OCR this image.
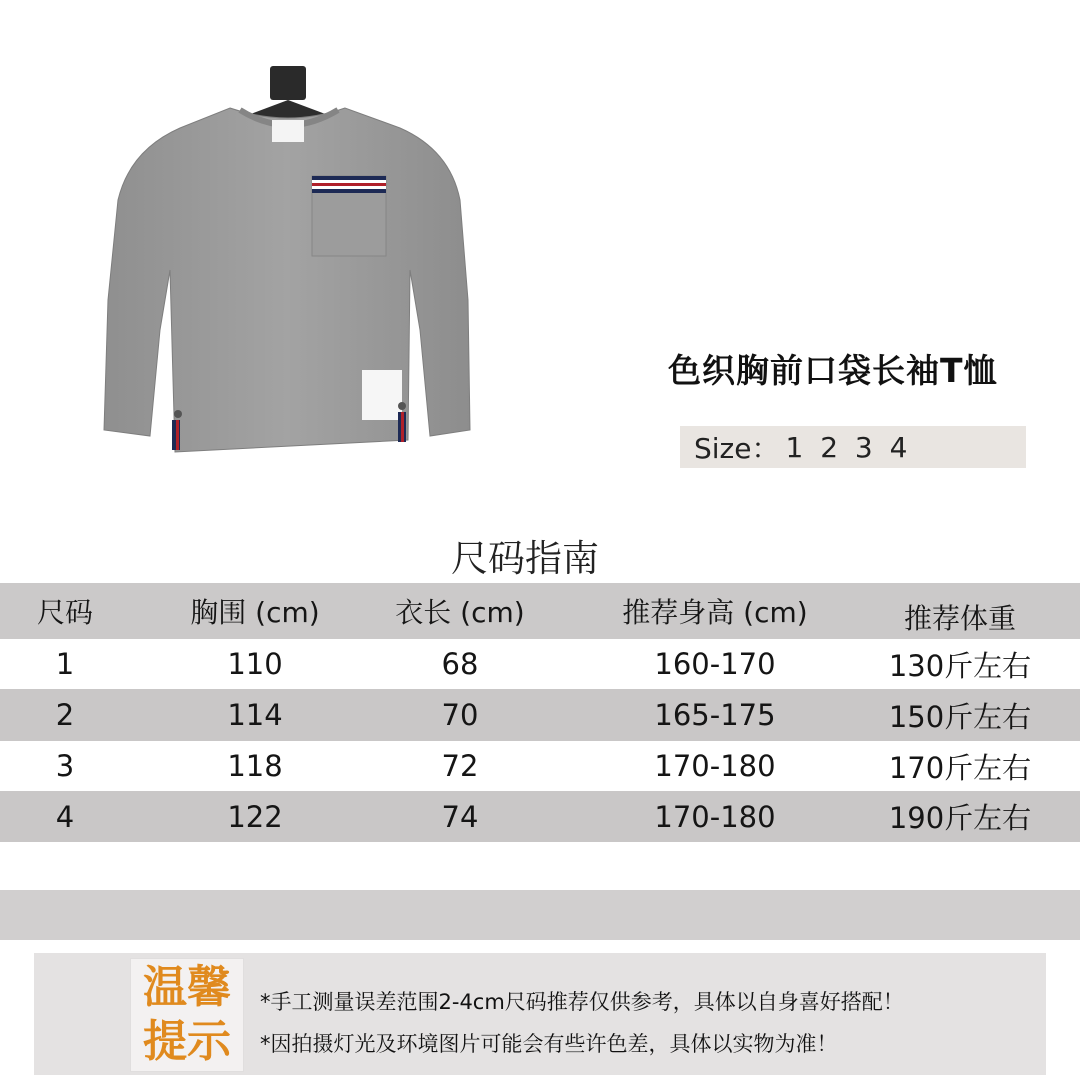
色织胸前口袋长袖T恤
Size： 1 2 3 4
尺码指南
尺码	胸围 (cm)	衣长 (cm)	推荐身高 (cm)	推荐体重
1	110	68	160-170	130斤左右
2	114	70	165-175	150斤左右
3	118	72	170-180	170斤左右
4	122	74	170-180	190斤左右
温馨
提示
*手工测量误差范围2-4cm尺码推荐仅供参考，具体以自身喜好搭配！
*因拍摄灯光及环境图片可能会有些许色差，具体以实物为准！
